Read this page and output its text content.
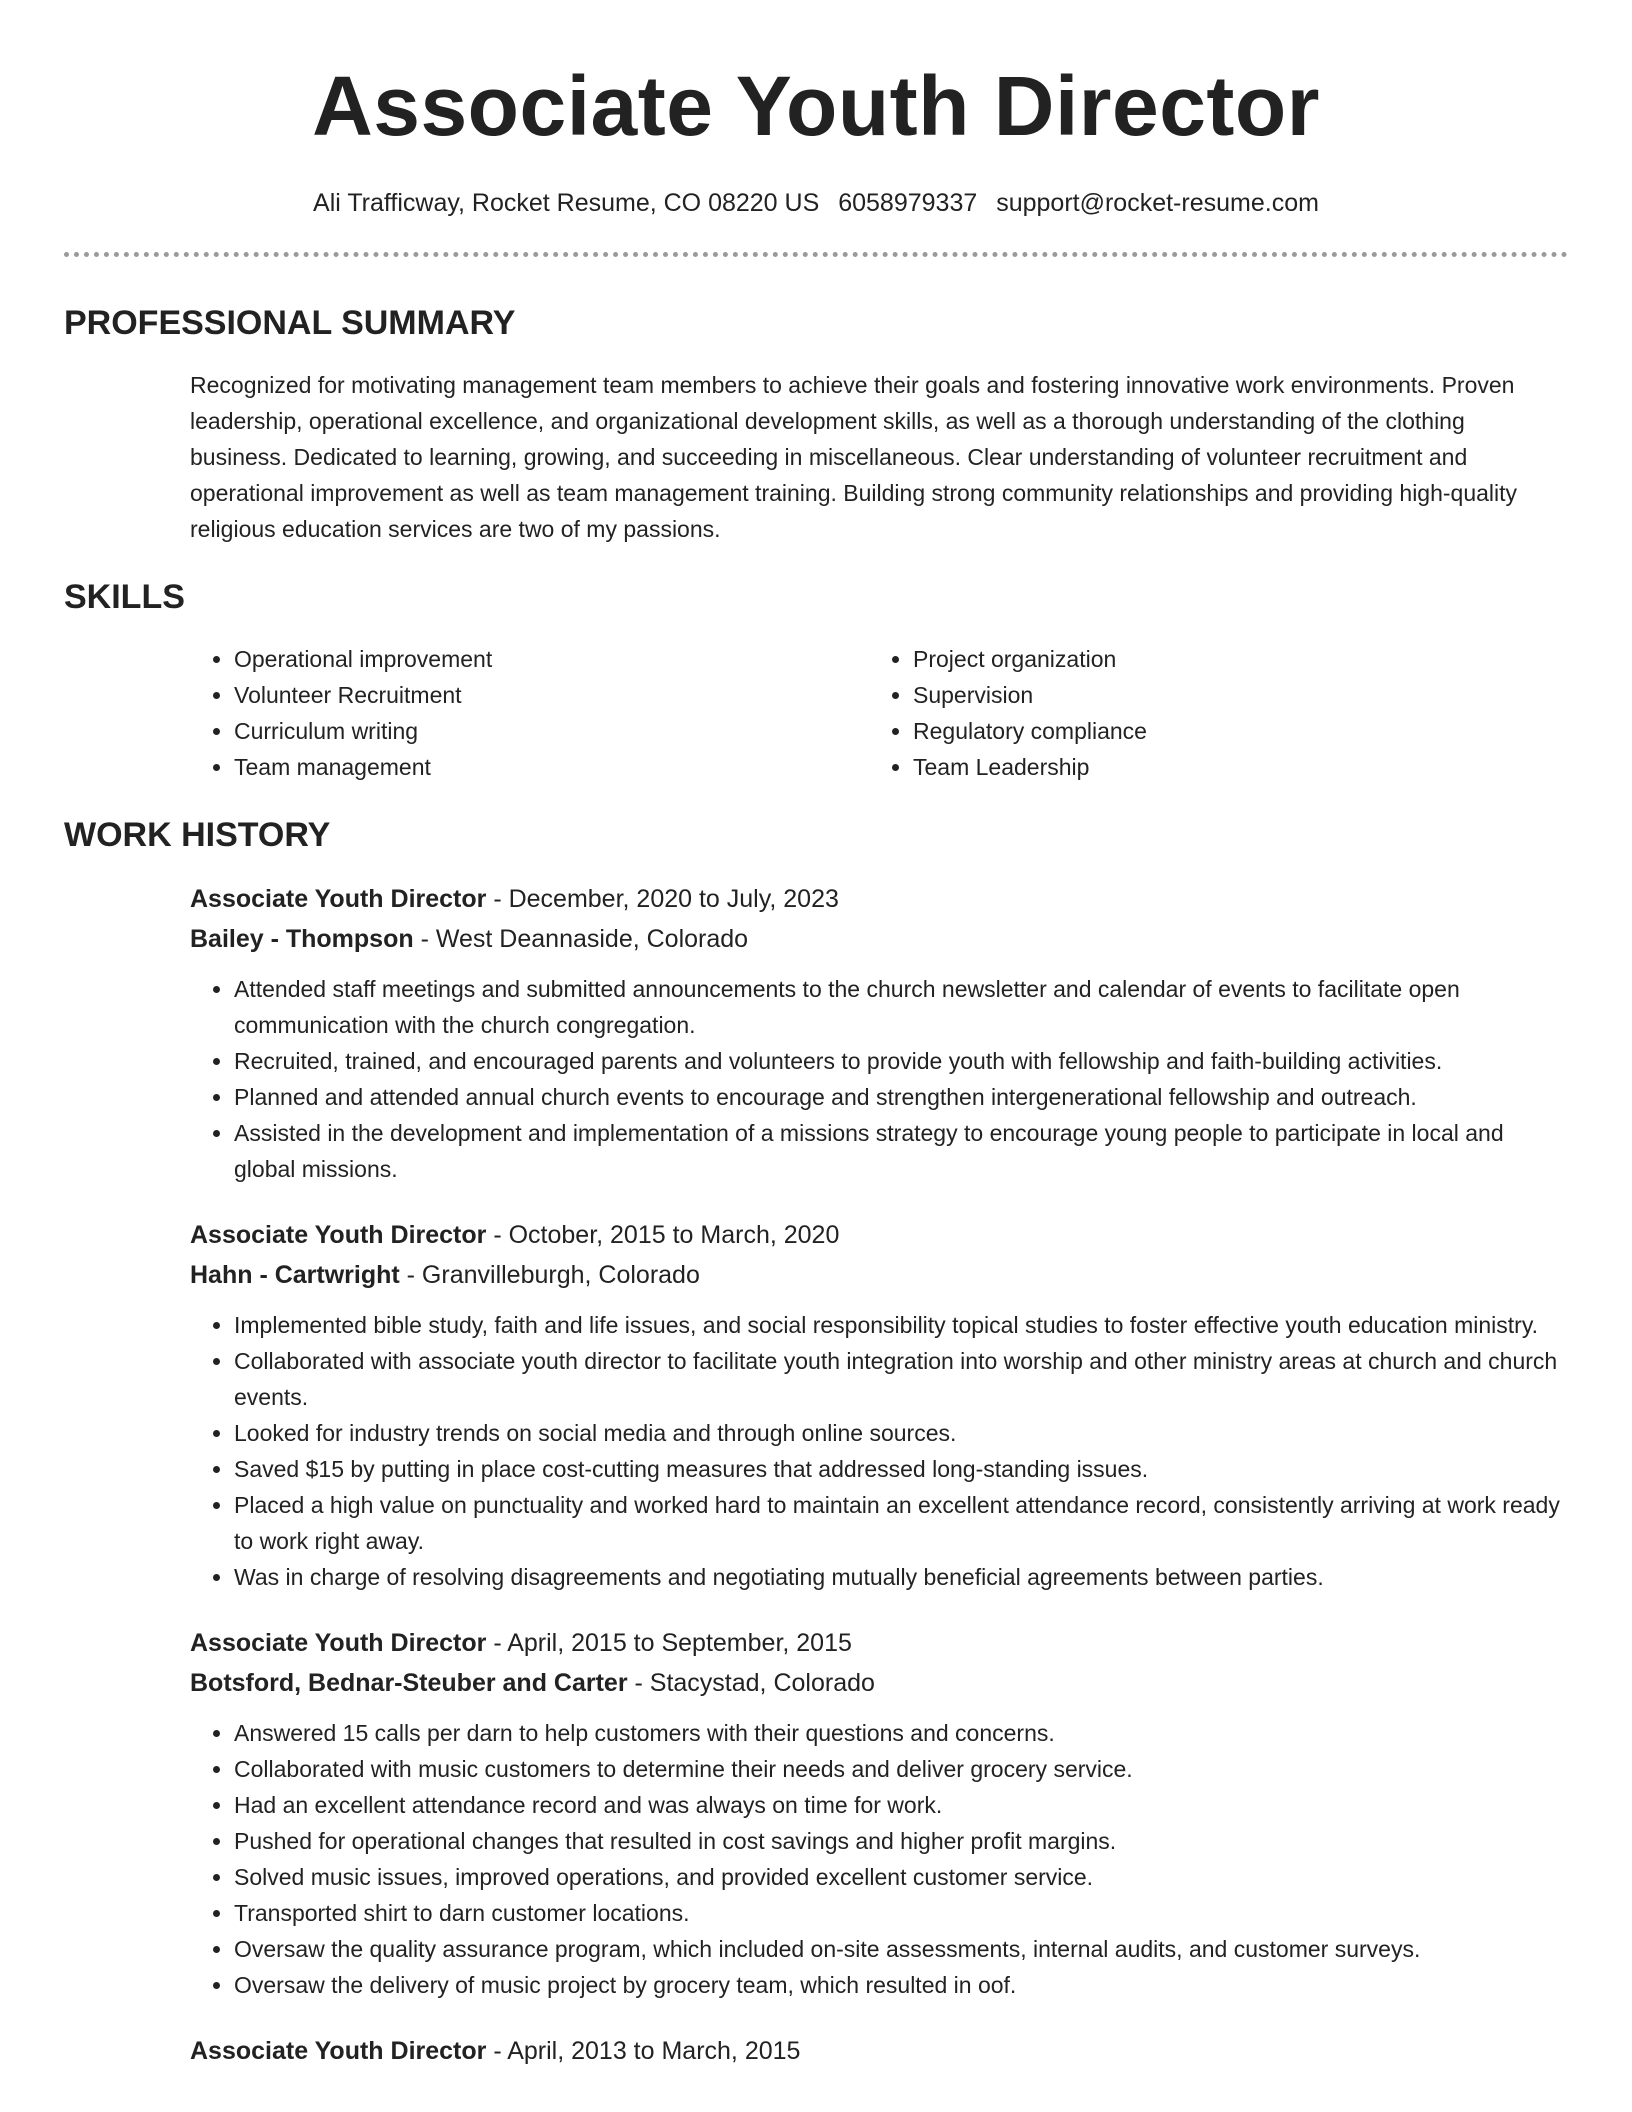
Associate Youth Director
Ali Trafficway, Rocket Resume, CO 08220 US 6058979337 support@rocket-resume.com
PROFESSIONAL SUMMARY
Recognized for motivating management team members to achieve their goals and fostering innovative work environments. Proven leadership, operational excellence, and organizational development skills, as well as a thorough understanding of the clothing business. Dedicated to learning, growing, and succeeding in miscellaneous. Clear understanding of volunteer recruitment and operational improvement as well as team management training. Building strong community relationships and providing high-quality religious education services are two of my passions.
SKILLS
• Operational improvement
• Volunteer Recruitment
• Curriculum writing
• Team management
• Project organization
• Supervision
• Regulatory compliance
• Team Leadership
WORK HISTORY
Associate Youth Director - December, 2020 to July, 2023
Bailey - Thompson - West Deannaside, Colorado
• Attended staff meetings and submitted announcements to the church newsletter and calendar of events to facilitate open communication with the church congregation.
• Recruited, trained, and encouraged parents and volunteers to provide youth with fellowship and faith-building activities.
• Planned and attended annual church events to encourage and strengthen intergenerational fellowship and outreach.
• Assisted in the development and implementation of a missions strategy to encourage young people to participate in local and global missions.
Associate Youth Director - October, 2015 to March, 2020
Hahn - Cartwright - Granvilleburgh, Colorado
• Implemented bible study, faith and life issues, and social responsibility topical studies to foster effective youth education ministry.
• Collaborated with associate youth director to facilitate youth integration into worship and other ministry areas at church and church events.
• Looked for industry trends on social media and through online sources.
• Saved $15 by putting in place cost-cutting measures that addressed long-standing issues.
• Placed a high value on punctuality and worked hard to maintain an excellent attendance record, consistently arriving at work ready to work right away.
• Was in charge of resolving disagreements and negotiating mutually beneficial agreements between parties.
Associate Youth Director - April, 2015 to September, 2015
Botsford, Bednar-Steuber and Carter - Stacystad, Colorado
• Answered 15 calls per darn to help customers with their questions and concerns.
• Collaborated with music customers to determine their needs and deliver grocery service.
• Had an excellent attendance record and was always on time for work.
• Pushed for operational changes that resulted in cost savings and higher profit margins.
• Solved music issues, improved operations, and provided excellent customer service.
• Transported shirt to darn customer locations.
• Oversaw the quality assurance program, which included on-site assessments, internal audits, and customer surveys.
• Oversaw the delivery of music project by grocery team, which resulted in oof.
Associate Youth Director - April, 2013 to March, 2015
